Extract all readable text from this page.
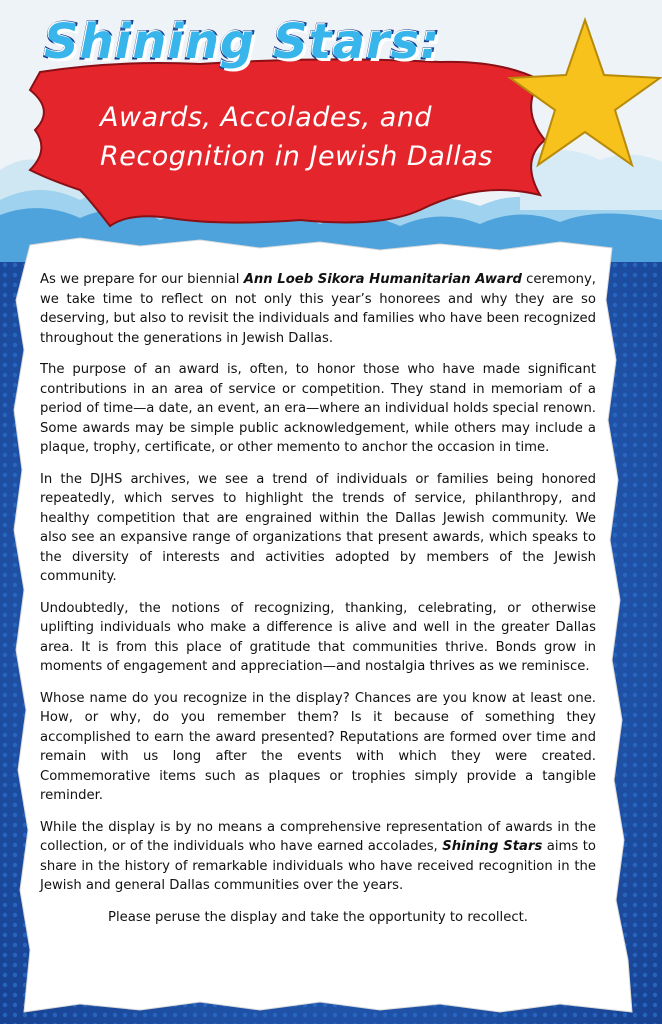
Shining Stars:
Awards, Accolades, and
Recognition in Jewish Dallas

As we prepare for our biennial Ann Loeb Sikora Humanitarian Award ceremony, we take time to reflect on not only this year’s honorees and why they are so deserving, but also to revisit the individuals and families who have been recognized throughout the generations in Jewish Dallas.

The purpose of an award is, often, to honor those who have made significant contributions in an area of service or competition. They stand in memoriam of a period of time—a date, an event, an era—where an individual holds special renown. Some awards may be simple public acknowledgement, while others may include a plaque, trophy, certificate, or other memento to anchor the occasion in time.

In the DJHS archives, we see a trend of individuals or families being honored repeatedly, which serves to highlight the trends of service, philanthropy, and healthy competition that are engrained within the Dallas Jewish community. We also see an expansive range of organizations that present awards, which speaks to the diversity of interests and activities adopted by members of the Jewish community.

Undoubtedly, the notions of recognizing, thanking, celebrating, or otherwise uplifting individuals who make a difference is alive and well in the greater Dallas area. It is from this place of gratitude that communities thrive. Bonds grow in moments of engagement and appreciation—and nostalgia thrives as we reminisce.

Whose name do you recognize in the display? Chances are you know at least one. How, or why, do you remember them? Is it because of something they accomplished to earn the award presented? Reputations are formed over time and remain with us long after the events with which they were created. Commemorative items such as plaques or trophies simply provide a tangible reminder.

While the display is by no means a comprehensive representation of awards in the collection, or of the individuals who have earned accolades, Shining Stars aims to share in the history of remarkable individuals who have received recognition in the Jewish and general Dallas communities over the years.

Please peruse the display and take the opportunity to recollect.
